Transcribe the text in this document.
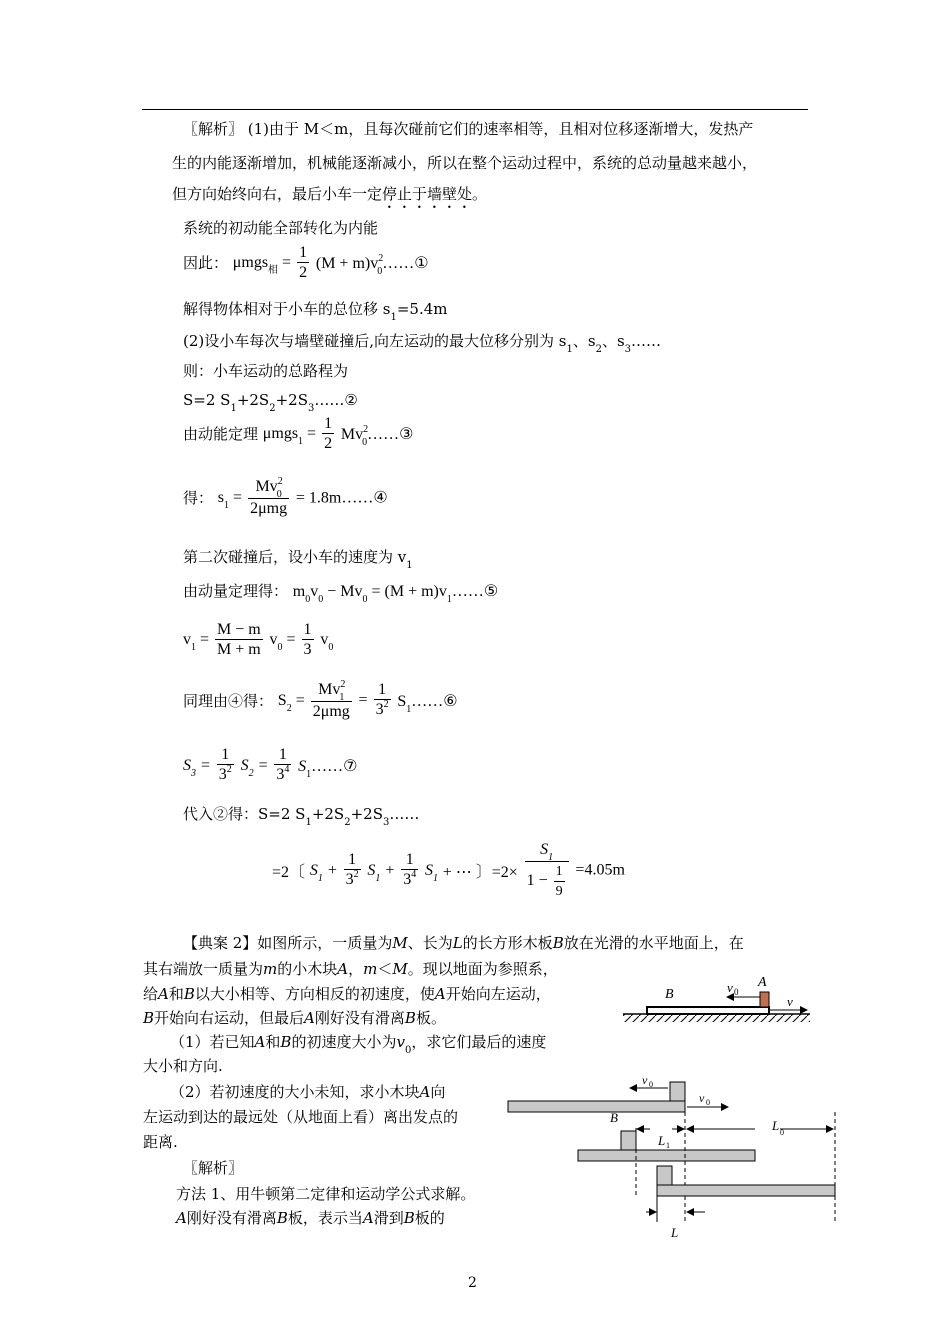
〖解析〗 (1)由于 M＜m，且每次碰前它们的速率相等，且相对位移逐渐增大，发热产
生的内能逐渐增加，机械能逐渐减小，所以在整个运动过程中，系统的总动量越来越小，
但方向始终向右，最后小车一定停止于墙壁处。
系统的初动能全部转化为内能
因此： $\mu mgs_相 = \frac{1}{2} (M$ + $m)v^2_0\dots\dots ①$
解得物体相对于小车的总位移 $s_1=5.4m$
(2)设小车每次与墙壁碰撞后,向左运动的最大位移分别为 $s_1$、$s_2$、$s_3\dots\dots$
则：小车运动的总路程为
S=2 $S_1+2S_2+2S_3\dots\dots ②$
由动能定理 $\mu mgs_1 = \frac{1}{2}$ $Mv^2_0\dots\dots ③$
得： $s_1 = \frac{Mv^2_0}{\text{2μmg}}$ = 1.8m……④
第二次碰撞后，设小车的速度为 $v_1$
由动量定理得： $m_0v_0 - Mv_0 = (M$ + $m)v_1\dots\dots ⑤$
$v_1 = \frac{M - m}{M + m} v_0 = \frac{1}{3} v_0$
同理由④得： $S_2 = \frac{Mv^2_1}{\text{2μmg}} = \frac{1}{3^2}$ $S_1\dots\dots ⑥$
$S_3 = \frac{1}{3^2} S_2 = \frac{1}{3^4}$ $S_1\dots\dots ⑦$
代入②得：S=2 $S_1+2S_2+2S_3\dots\dots$
=2〔 $S_1 + \frac{1}{3^2} S_1 + \frac{1}{3^4} S_1$ + ⋯ 〕$=2\times \frac{S_1}{1 - \frac{1}{9}} =4.05m$
【典案 2】如图所示，一质量为M、长为L的长方形木板B放在光滑的水平地面上，在
其右端放一质量为m的小木块A，m＜M。现以地面为参照系，
给A和B以大小相等、方向相反的初速度，使A开始向左运动，
B开始向右运动，但最后A刚好没有滑离B板。
（1）若已知A和B的初速度大小为$v_0$，求它们最后的速度
大小和方向.
（2）若初速度的大小未知，求小木块A向
左运动到达的最远处（从地面上看）离出发点的
距离.
〖解析〗
方法 1、用牛顿第二定律和运动学公式求解。
A刚好没有滑离B板，表示当A滑到B板的
B
A
v 0
v
v 0
v 0
B
L 1
L 0
L
2
